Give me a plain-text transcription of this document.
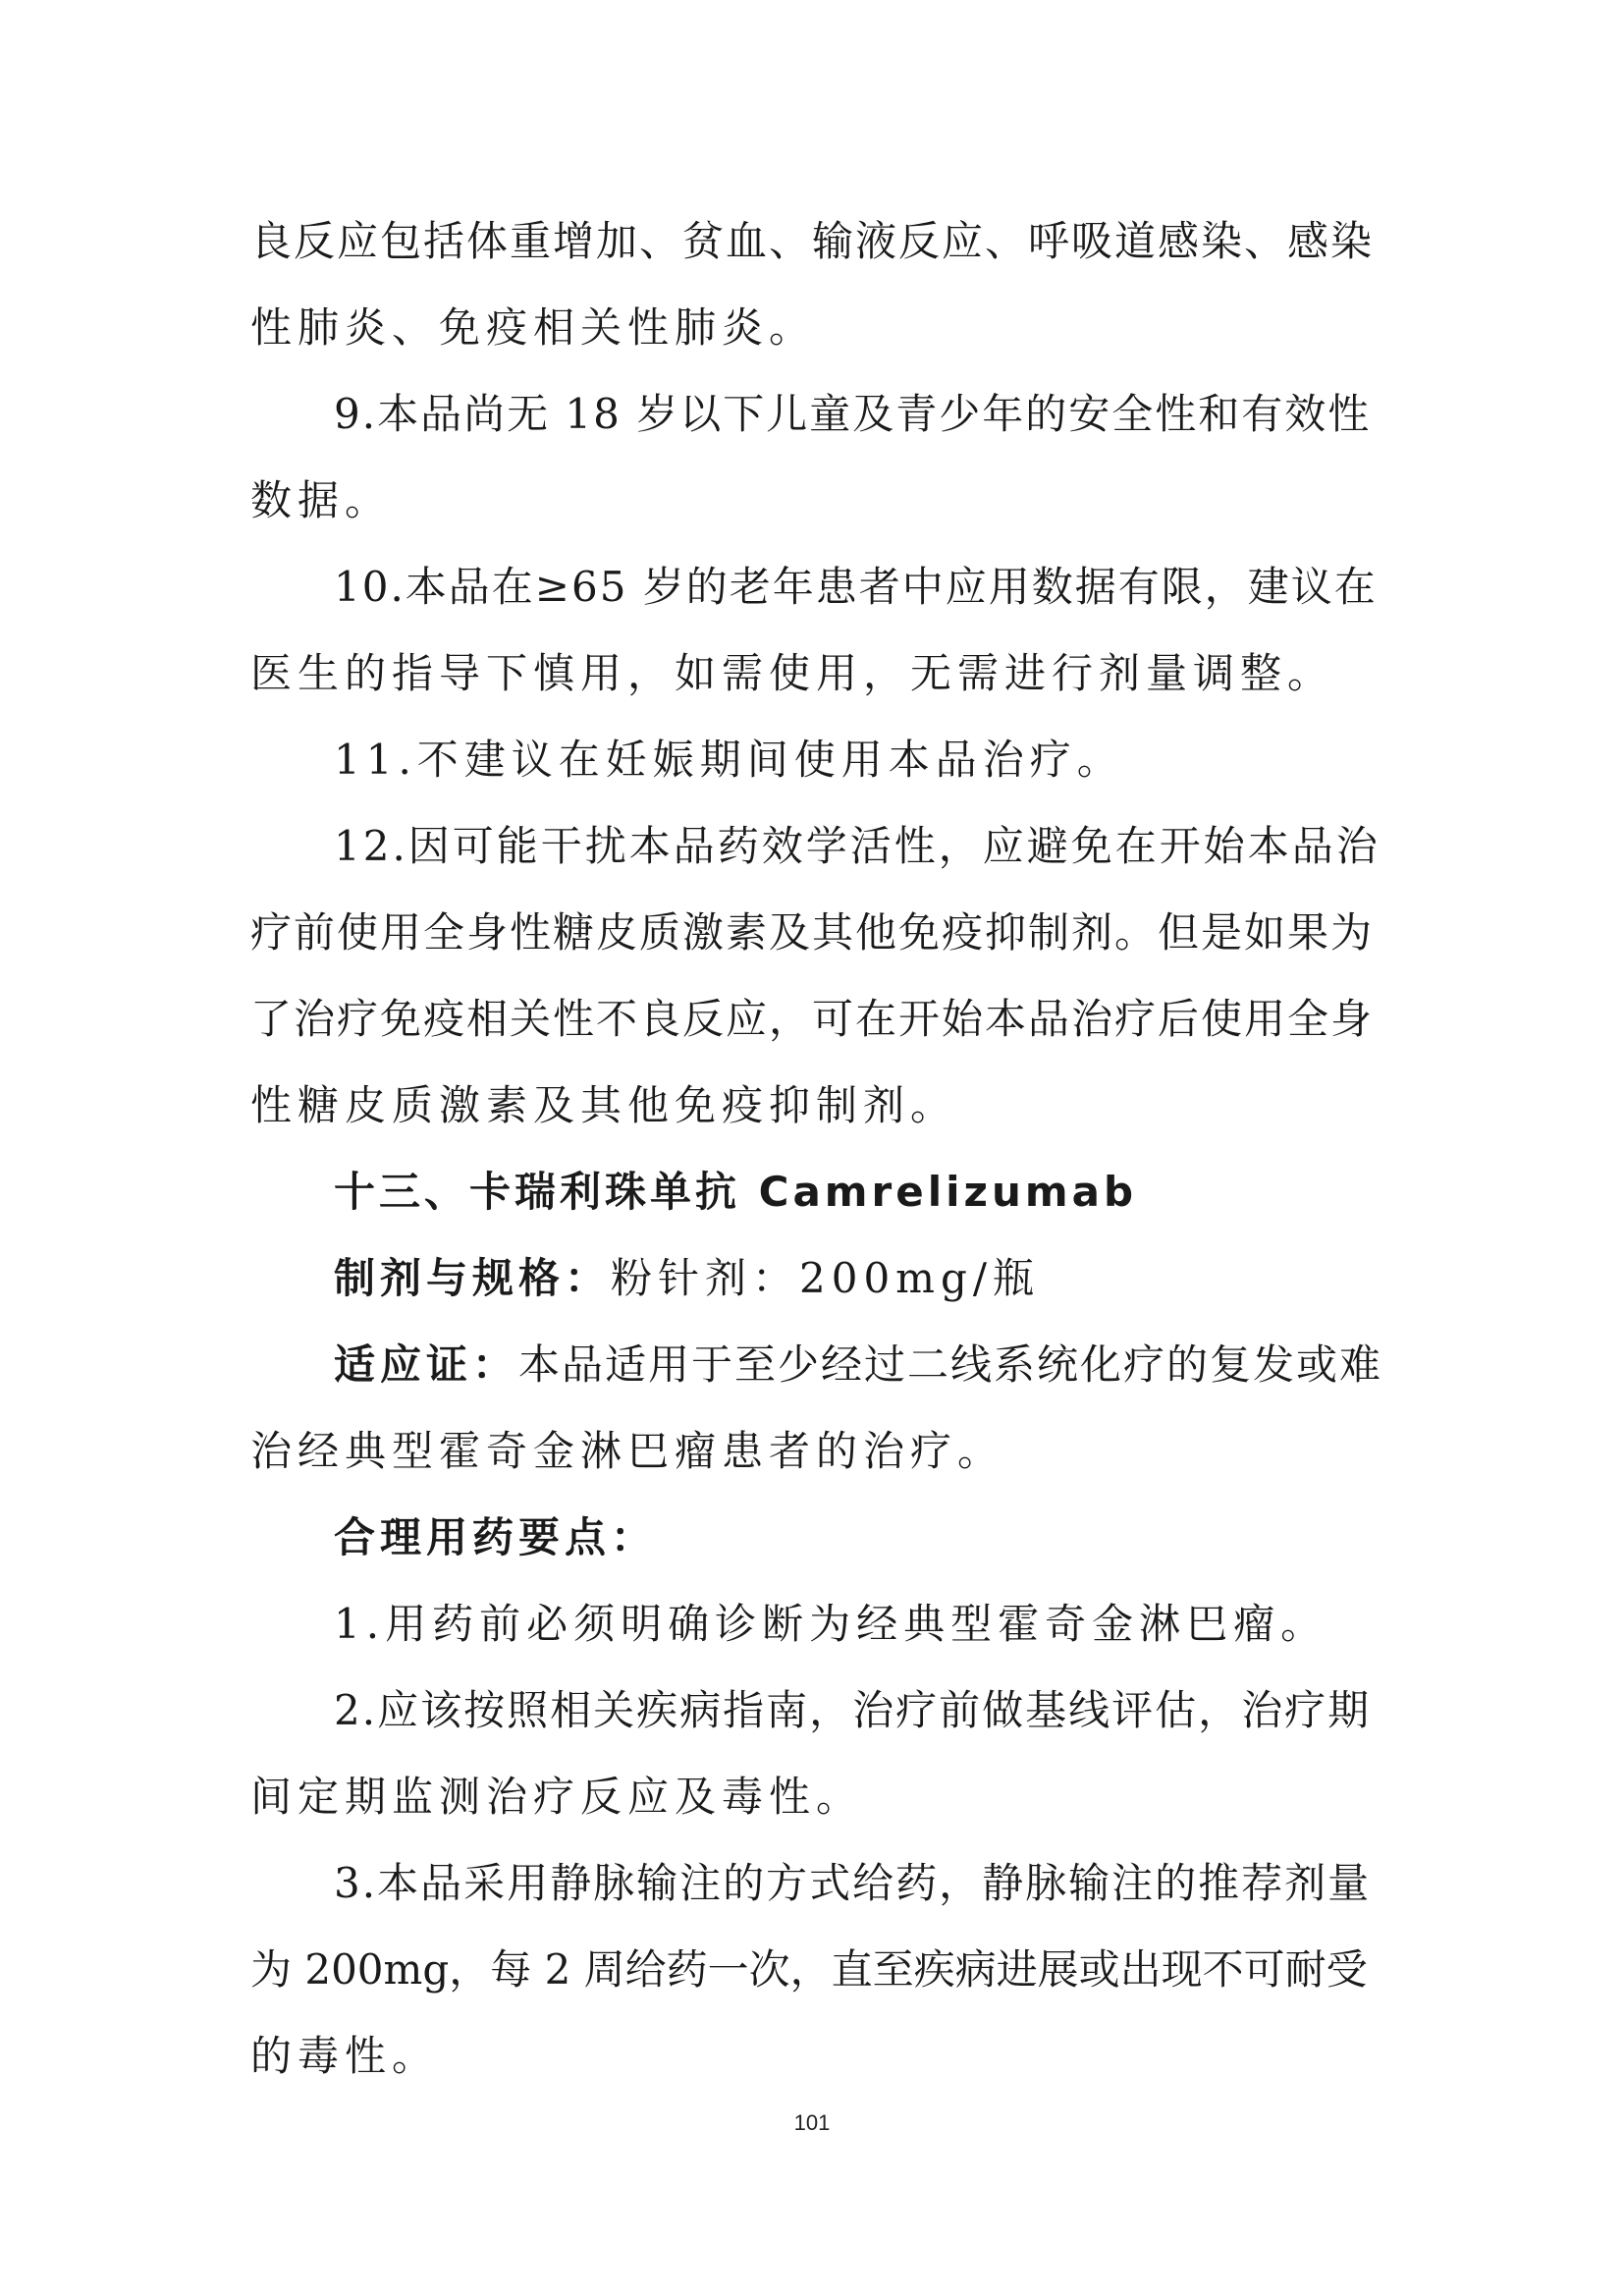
良反应包括体重增加、贫血、输液反应、呼吸道感染、感染
性肺炎、免疫相关性肺炎。
9.本品尚无 18 岁以下儿童及青少年的安全性和有效性
数据。
10.本品在≥65 岁的老年患者中应用数据有限，建议在
医生的指导下慎用，如需使用，无需进行剂量调整。
11.不建议在妊娠期间使用本品治疗。
12.因可能干扰本品药效学活性，应避免在开始本品治
疗前使用全身性糖皮质激素及其他免疫抑制剂。但是如果为
了治疗免疫相关性不良反应，可在开始本品治疗后使用全身
性糖皮质激素及其他免疫抑制剂。
十三、卡瑞利珠单抗 Camrelizumab
制剂与规格：粉针剂：200mg/瓶
适应证：本品适用于至少经过二线系统化疗的复发或难
治经典型霍奇金淋巴瘤患者的治疗。
合理用药要点：
1.用药前必须明确诊断为经典型霍奇金淋巴瘤。
2.应该按照相关疾病指南，治疗前做基线评估，治疗期
间定期监测治疗反应及毒性。
3.本品采用静脉输注的方式给药，静脉输注的推荐剂量
为 200mg，每 2 周给药一次，直至疾病进展或出现不可耐受
的毒性。
101
